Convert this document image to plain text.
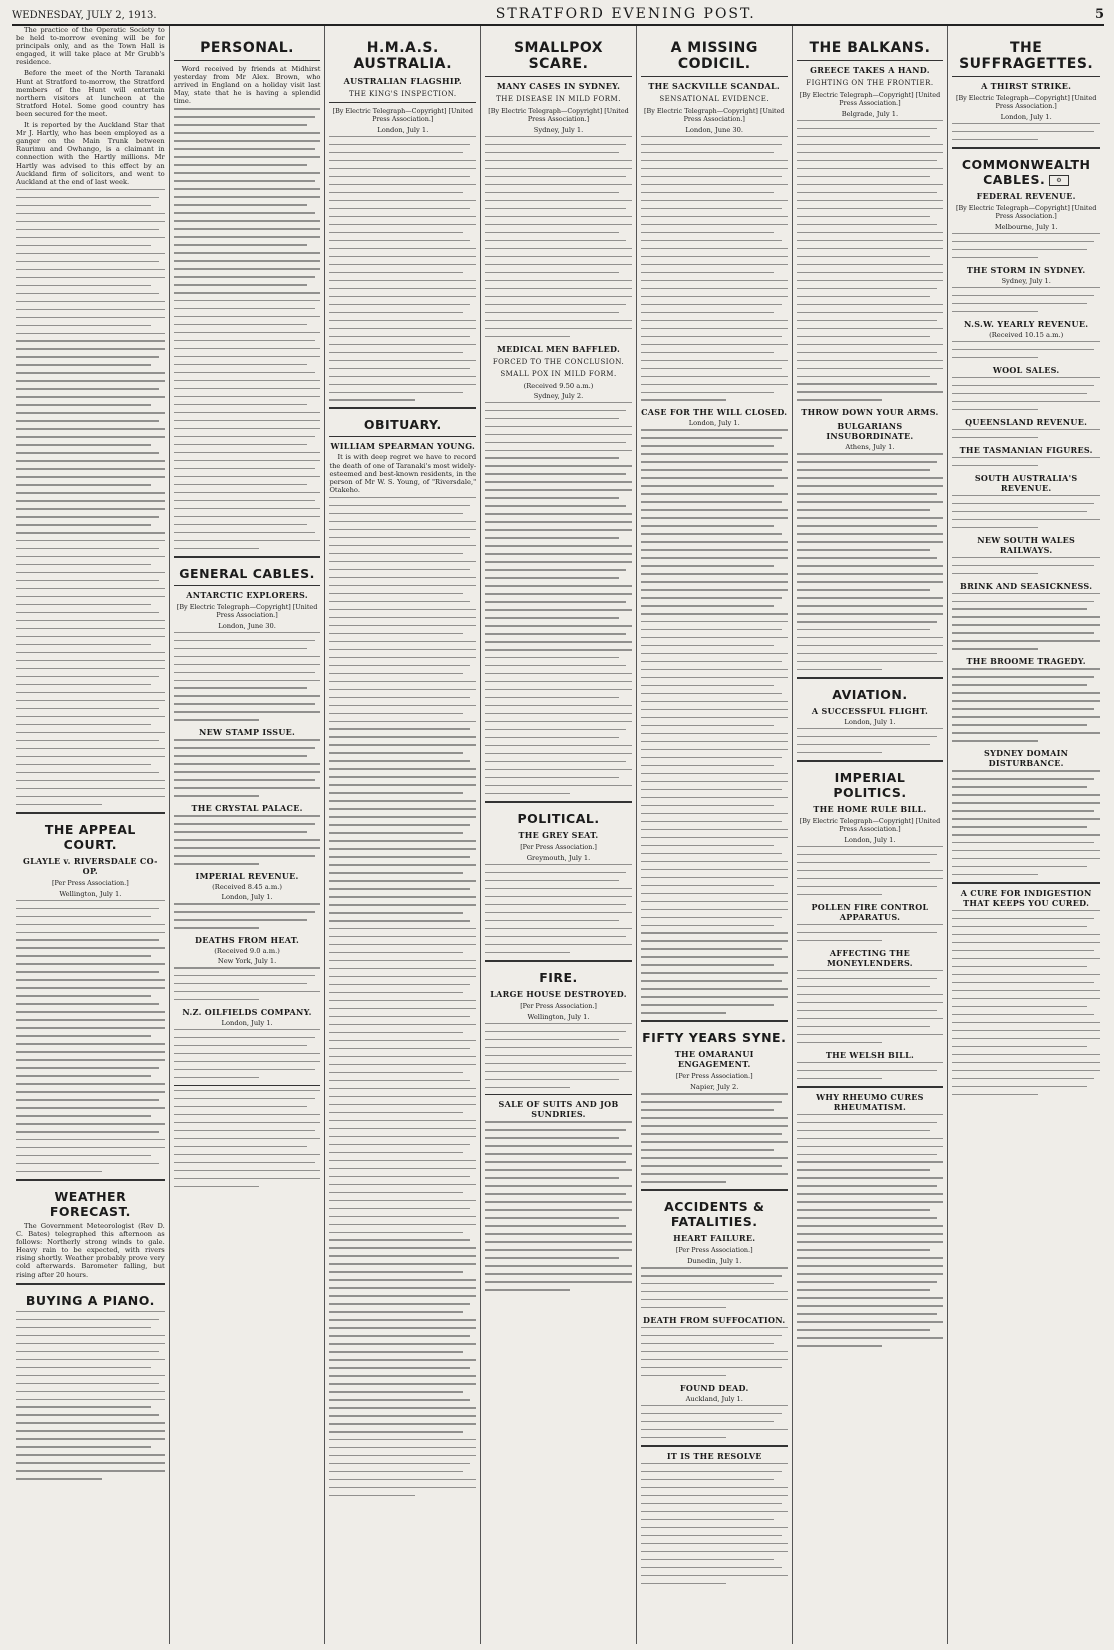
WEDNESDAY, JULY 2, 1913.	STRATFORD EVENING POST.	5

The practice of the Operatic Society to be held to-morrow evening will be for principals only, and as the Town Hall is engaged, it will take place at Mr Grubb's residence.

Before the meet of the North Taranaki Hunt at Stratford to-morrow, the Stratford members of the Hunt will entertain northern visitors at luncheon at the Stratford Hotel. Some good country has been secured for the meet.

It is reported by the Auckland Star that Mr J. Hartly, who has been employed as a ganger on the Main Trunk between Raurimu and Owhango, is a claimant in connection with the Hartly millions. Mr Hartly was advised to this effect by an Auckland firm of solicitors, and went to Auckland at the end of last week.

THE APPEAL COURT.
GLAYLE v. RIVERSDALE CO-OP.
[Per Press Association.]
Wellington, July 1.
WEATHER FORECAST.

The Government Meteorologist (Rev D. C. Bates) telegraphed this afternoon as follows: Northerly strong winds to gale. Heavy rain to be expected, with rivers rising shortly. Weather probably prove very cold afterwards. Barometer falling, but rising after 20 hours.

BUYING A PIANO.
PERSONAL.

Word received by friends at Midhirst yesterday from Mr Alex. Brown, who arrived in England on a holiday visit last May, state that he is having a splendid time.

GENERAL CABLES.
ANTARCTIC EXPLORERS.
[By Electric Telegraph—Copyright] [United Press Association.]
London, June 30.
NEW STAMP ISSUE.
THE CRYSTAL PALACE.
IMPERIAL REVENUE.
(Received 8.45 a.m.)
London, July 1.
DEATHS FROM HEAT.
(Received 9.0 a.m.)
New York, July 1.
N.Z. OILFIELDS COMPANY.
London, July 1.
H.M.A.S. AUSTRALIA.
AUSTRALIAN FLAGSHIP.
THE KING'S INSPECTION.
[By Electric Telegraph—Copyright] [United Press Association.]
London, July 1.
OBITUARY.
WILLIAM SPEARMAN YOUNG.

It is with deep regret we have to record the death of one of Taranaki's most widely-esteemed and best-known residents, in the person of Mr W. S. Young, of "Riversdale," Otakeho.

SMALLPOX SCARE.
MANY CASES IN SYDNEY.
THE DISEASE IN MILD FORM.
[By Electric Telegraph—Copyright] [United Press Association.]
Sydney, July 1.
MEDICAL MEN BAFFLED.
FORCED TO THE CONCLUSION.
SMALL POX IN MILD FORM.
(Received 9.50 a.m.)
Sydney, July 2.
POLITICAL.
THE GREY SEAT.
[Per Press Association.]
Greymouth, July 1.
FIRE.
LARGE HOUSE DESTROYED.
[Per Press Association.]
Wellington, July 1.
SALE OF SUITS AND JOB SUNDRIES.
A MISSING CODICIL.
THE SACKVILLE SCANDAL.
SENSATIONAL EVIDENCE.
[By Electric Telegraph—Copyright] [United Press Association.]
London, June 30.
CASE FOR THE WILL CLOSED.
London, July 1.
FIFTY YEARS SYNE.
THE OMARANUI ENGAGEMENT.
[Per Press Association.]
Napier, July 2.
ACCIDENTS & FATALITIES.
HEART FAILURE.
[Per Press Association.]
Dunedin, July 1.
DEATH FROM SUFFOCATION.
FOUND DEAD.
Auckland, July 1.
IT IS THE RESOLVE
THE BALKANS.
GREECE TAKES A HAND.
FIGHTING ON THE FRONTIER.
[By Electric Telegraph—Copyright] [United Press Association.]
Belgrade, July 1.
THROW DOWN YOUR ARMS.
BULGARIANS INSUBORDINATE.
Athens, July 1.
AVIATION.
A SUCCESSFUL FLIGHT.
London, July 1.
IMPERIAL POLITICS.
THE HOME RULE BILL.
[By Electric Telegraph—Copyright] [United Press Association.]
London, July 1.
POLLEN FIRE CONTROL APPARATUS.
AFFECTING THE MONEYLENDERS.
THE WELSH BILL.
WHY RHEUMO CURES RHEUMATISM.
THE SUFFRAGETTES.
A THIRST STRIKE.
[By Electric Telegraph—Copyright] [United Press Association.]
London, July 1.
COMMONWEALTH CABLES. ⚙
FEDERAL REVENUE.
[By Electric Telegraph—Copyright] [United Press Association.]
Melbourne, July 1.
THE STORM IN SYDNEY.
Sydney, July 1.
N.S.W. YEARLY REVENUE.
(Received 10.15 a.m.)
WOOL SALES.
QUEENSLAND REVENUE.
THE TASMANIAN FIGURES.
SOUTH AUSTRALIA'S REVENUE.
NEW SOUTH WALES RAILWAYS.
BRINK AND SEASICKNESS.
THE BROOME TRAGEDY.
SYDNEY DOMAIN DISTURBANCE.
A CURE FOR INDIGESTION THAT KEEPS YOU CURED.
